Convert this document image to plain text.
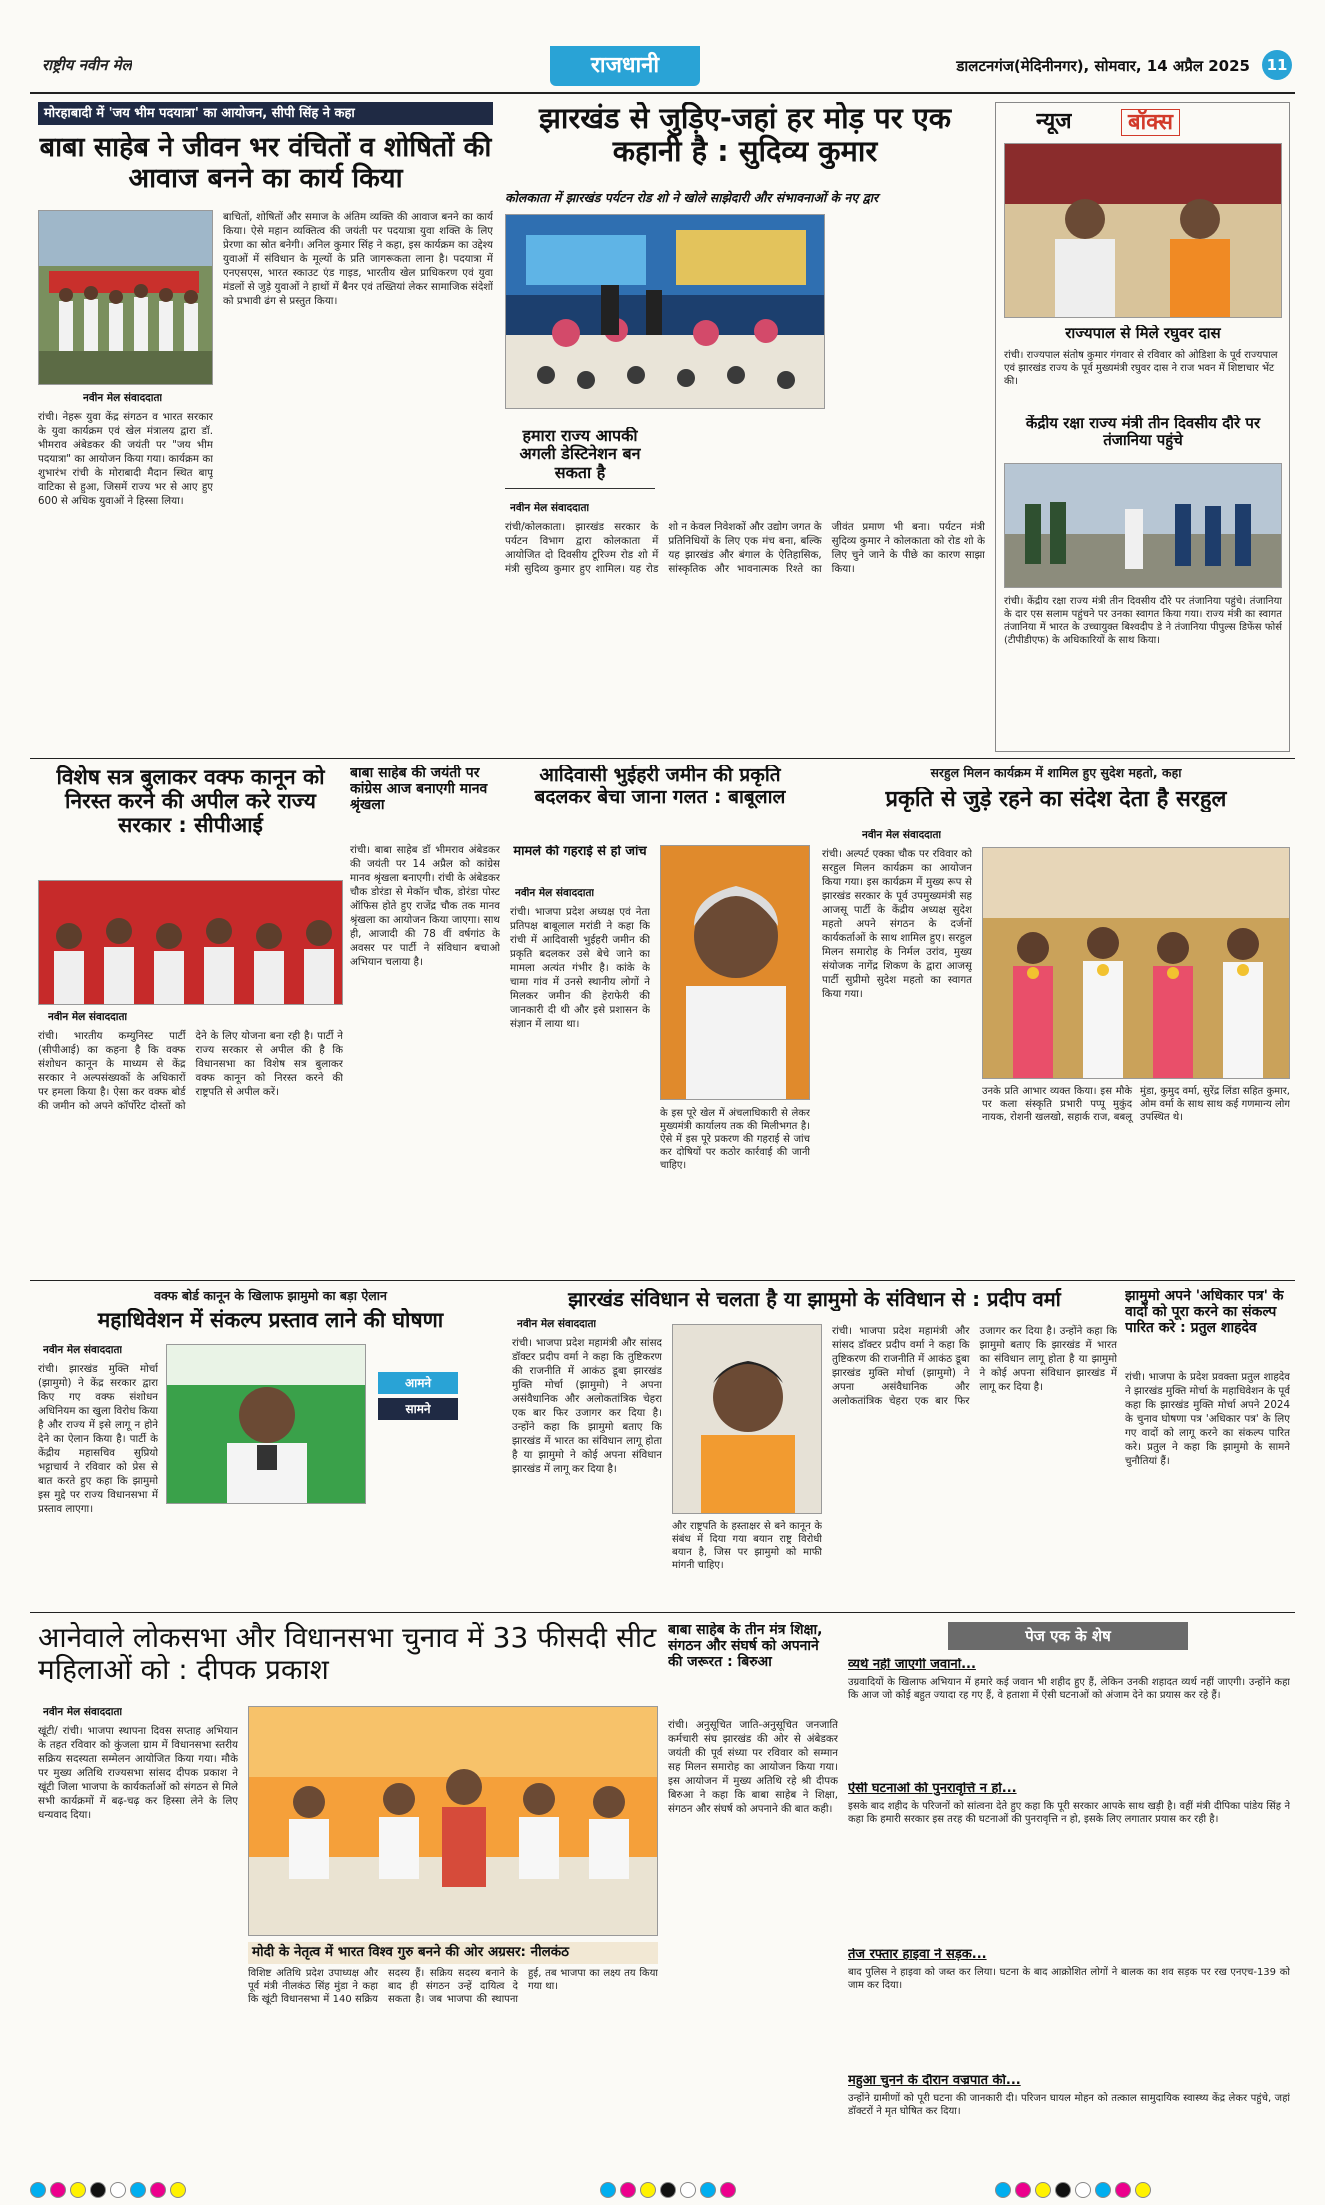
राष्ट्रीय नवीन मेल	राजधानी	डालटनगंज(मेदिनीनगर), सोमवार, 14 अप्रैल 2025	11
मोरहाबादी में 'जय भीम पदयात्रा' का आयोजन, सीपी सिंह ने कहा
बाबा साहेब ने जीवन भर वंचितों व शोषितों की आवाज बनने का कार्य किया
नवीन मेल संवाददाता
रांची। नेहरू युवा केंद्र संगठन व भारत सरकार के युवा कार्यक्रम एवं खेल मंत्रालय द्वारा डॉ. भीमराव अंबेडकर की जयंती पर "जय भीम पदयात्रा" का आयोजन किया गया। कार्यक्रम का शुभारंभ रांची के मोराबादी मैदान स्थित बापू वाटिका से हुआ, जिसमें राज्य भर से आए हुए 600 से अधिक युवाओं ने हिस्सा लिया।
बाचितों, शोषितों और समाज के अंतिम व्यक्ति की आवाज बनने का कार्य किया। ऐसे महान व्यक्तित्व की जयंती पर पदयात्रा युवा शक्ति के लिए प्रेरणा का स्रोत बनेगी। अनिल कुमार सिंह ने कहा, इस कार्यक्रम का उद्देश्य युवाओं में संविधान के मूल्यों के प्रति जागरूकता लाना है। पदयात्रा में एनएसएस, भारत स्काउट एंड गाइड, भारतीय खेल प्राधिकरण एवं युवा मंडलों से जुड़े युवाओं ने हाथों में बैनर एवं तख्तियां लेकर सामाजिक संदेशों को प्रभावी ढंग से प्रस्तुत किया।
झारखंड से जुड़िए-जहां हर मोड़ पर एक कहानी है : सुदिव्य कुमार
कोलकाता में झारखंड पर्यटन रोड शो ने खोले साझेदारी और संभावनाओं के नए द्वार
हमारा राज्य आपकी अगली डेस्टिनेशन बन सकता है
नवीन मेल संवाददाता
रांची/कोलकाता। झारखंड सरकार के पर्यटन विभाग द्वारा कोलकाता में आयोजित दो दिवसीय टूरिज्म रोड शो में मंत्री सुदिव्य कुमार हुए शामिल। यह रोड शो न केवल निवेशकों और उद्योग जगत के प्रतिनिधियों के लिए एक मंच बना, बल्कि यह झारखंड और बंगाल के ऐतिहासिक, सांस्कृतिक और भावनात्मक रिश्ते का जीवंत प्रमाण भी बना। पर्यटन मंत्री सुदिव्य कुमार ने कोलकाता को रोड शो के लिए चुने जाने के पीछे का कारण साझा किया।
न्यूज	बॉक्स
राज्यपाल से मिले रघुवर दास
रांची। राज्यपाल संतोष कुमार गंगवार से रविवार को ओडिशा के पूर्व राज्यपाल एवं झारखंड राज्य के पूर्व मुख्यमंत्री रघुवर दास ने राज भवन में शिष्टाचार भेंट की।
केंद्रीय रक्षा राज्य मंत्री तीन दिवसीय दौरे पर तंजानिया पहुंचे
रांची। केंद्रीय रक्षा राज्य मंत्री तीन दिवसीय दौरे पर तंजानिया पहुंचे। तंजानिया के दार एस सलाम पहुंचने पर उनका स्वागत किया गया। राज्य मंत्री का स्वागत तंजानिया में भारत के उच्चायुक्त बिश्वदीप डे ने तंजानिया पीपुल्स डिफेंस फोर्स (टीपीडीएफ) के अधिकारियों के साथ किया।
विशेष सत्र बुलाकर वक्फ कानून को निरस्त करने की अपील करे राज्य सरकार : सीपीआई
नवीन मेल संवाददाता
रांची। भारतीय कम्युनिस्ट पार्टी (सीपीआई) का कहना है कि वक्फ संशोधन कानून के माध्यम से केंद्र सरकार ने अल्पसंख्यकों के अधिकारों पर हमला किया है। ऐसा कर वक्फ बोर्ड की जमीन को अपने कॉर्पोरेट दोस्तों को देने के लिए योजना बना रही है। पार्टी ने राज्य सरकार से अपील की है कि विधानसभा का विशेष सत्र बुलाकर वक्फ कानून को निरस्त करने की राष्ट्रपति से अपील करें।
बाबा साहेब की जयंती पर कांग्रेस आज बनाएगी मानव श्रृंखला
रांची। बाबा साहेब डॉ भीमराव अंबेडकर की जयंती पर 14 अप्रैल को कांग्रेस मानव श्रृंखला बनाएगी। रांची के अंबेडकर चौक डोरंडा से मेकॉन चौक, डोरंडा पोस्ट ऑफिस होते हुए राजेंद्र चौक तक मानव श्रृंखला का आयोजन किया जाएगा। साथ ही, आजादी की 78 वीं वर्षगांठ के अवसर पर पार्टी ने संविधान बचाओ अभियान चलाया है।
आदिवासी भुईहरी जमीन की प्रकृति बदलकर बेचा जाना गलत : बाबूलाल
मामले की गहराई से हो जांच
नवीन मेल संवाददाता
रांची। भाजपा प्रदेश अध्यक्ष एवं नेता प्रतिपक्ष बाबूलाल मरांडी ने कहा कि रांची में आदिवासी भुईहरी जमीन की प्रकृति बदलकर उसे बेचे जाने का मामला अत्यंत गंभीर है। कांके के चामा गांव में उनसे स्थानीय लोगों ने मिलकर जमीन की हेराफेरी की जानकारी दी थी और इसे प्रशासन के संज्ञान में लाया था।
के इस पूरे खेल में अंचलाधिकारी से लेकर मुख्यमंत्री कार्यालय तक की मिलीभगत है। ऐसे में इस पूरे प्रकरण की गहराई से जांच कर दोषियों पर कठोर कार्रवाई की जानी चाहिए।
सरहुल मिलन कार्यक्रम में शामिल हुए सुदेश महतो, कहा
प्रकृति से जुड़े रहने का संदेश देता है सरहुल
नवीन मेल संवाददाता
रांची। अल्पर्ट एक्का चौक पर रविवार को सरहुल मिलन कार्यक्रम का आयोजन किया गया। इस कार्यक्रम में मुख्य रूप से झारखंड सरकार के पूर्व उपमुख्यमंत्री सह आजसू पार्टी के केंद्रीय अध्यक्ष सुदेश महतो अपने संगठन के दर्जनों कार्यकर्ताओं के साथ शामिल हुए। सरहुल मिलन समारोह के निर्मल उरांव, मुख्य संयोजक नागेंद्र शिकण के द्वारा आजसू पार्टी सुप्रीमो सुदेश महतो का स्वागत किया गया।
उनके प्रति आभार व्यक्त किया। इस मौके पर कला संस्कृति प्रभारी पप्पू मुकुंद नायक, रोशनी खलखो, सहार्क राज, बबलू मुंडा, कुमुद वर्मा, सुरेंद्र लिंडा सहित कुमार, ओम वर्मा के साथ साथ कई गणमान्य लोग उपस्थित थे।
वक्फ बोर्ड कानून के खिलाफ झामुमो का बड़ा ऐलान
महाधिवेशन में संकल्प प्रस्ताव लाने की घोषणा
नवीन मेल संवाददाता
रांची। झारखंड मुक्ति मोर्चा (झामुमो) ने केंद्र सरकार द्वारा किए गए वक्फ संशोधन अधिनियम का खुला विरोध किया है और राज्य में इसे लागू न होने देने का ऐलान किया है। पार्टी के केंद्रीय महासचिव सुप्रियो भट्टाचार्य ने रविवार को प्रेस से बात करते हुए कहा कि झामुमो इस मुद्दे पर राज्य विधानसभा में प्रस्ताव लाएगा।
आमने
सामने
झारखंड संविधान से चलता है या झामुमो के संविधान से : प्रदीप वर्मा
नवीन मेल संवाददाता
रांची। भाजपा प्रदेश महामंत्री और सांसद डॉक्टर प्रदीप वर्मा ने कहा कि तुष्टिकरण की राजनीति में आकंठ डूबा झारखंड मुक्ति मोर्चा (झामुमो) ने अपना असंवैधानिक और अलोकतांत्रिक चेहरा एक बार फिर उजागर कर दिया है। उन्होंने कहा कि झामुमो बताए कि झारखंड में भारत का संविधान लागू होता है या झामुमो ने कोई अपना संविधान झारखंड में लागू कर दिया है।
और राष्ट्रपति के हस्ताक्षर से बने कानून के संबंध में दिया गया बयान राष्ट्र विरोधी बयान है, जिस पर झामुमो को माफी मांगनी चाहिए।
रांची। भाजपा प्रदेश महामंत्री और सांसद डॉक्टर प्रदीप वर्मा ने कहा कि तुष्टिकरण की राजनीति में आकंठ डूबा झारखंड मुक्ति मोर्चा (झामुमो) ने अपना असंवैधानिक और अलोकतांत्रिक चेहरा एक बार फिर उजागर कर दिया है। उन्होंने कहा कि झामुमो बताए कि झारखंड में भारत का संविधान लागू होता है या झामुमो ने कोई अपना संविधान झारखंड में लागू कर दिया है।
झामुमो अपने 'अधिकार पत्र' के वादों को पूरा करने का संकल्प पारित करे : प्रतुल शाहदेव
रांची। भाजपा के प्रदेश प्रवक्ता प्रतुल शाहदेव ने झारखंड मुक्ति मोर्चा के महाधिवेशन के पूर्व कहा कि झारखंड मुक्ति मोर्चा अपने 2024 के चुनाव घोषणा पत्र 'अधिकार पत्र' के लिए गए वादों को लागू करने का संकल्प पारित करे। प्रतुल ने कहा कि झामुमो के सामने चुनौतियां हैं।
आनेवाले लोकसभा और विधानसभा चुनाव में 33 फीसदी सीट महिलाओं को : दीपक प्रकाश
नवीन मेल संवाददाता
खूंटी/ रांची। भाजपा स्थापना दिवस सप्ताह अभियान के तहत रविवार को कुंजला ग्राम में विधानसभा स्तरीय सक्रिय सदस्यता सम्मेलन आयोजित किया गया। मौके पर मुख्य अतिथि राज्यसभा सांसद दीपक प्रकाश ने खूंटी जिला भाजपा के कार्यकर्ताओं को संगठन से मिले सभी कार्यक्रमों में बढ़-चढ़ कर हिस्सा लेने के लिए धन्यवाद दिया।
मोदी के नेतृत्व में भारत विश्व गुरु बनने की ओर अग्रसर: नीलकंठ
विशिष्ट अतिथि प्रदेश उपाध्यक्ष और पूर्व मंत्री नीलकंठ सिंह मुंडा ने कहा कि खूंटी विधानसभा में 140 सक्रिय सदस्य हैं। सक्रिय सदस्य बनाने के बाद ही संगठन उन्हें दायित्व दे सकता है। जब भाजपा की स्थापना हुई, तब भाजपा का लक्ष्य तय किया गया था।
बाबा साहेब के तीन मंत्र शिक्षा, संगठन और संघर्ष को अपनाने की जरूरत : बिरुआ
रांची। अनुसूचित जाति-अनुसूचित जनजाति कर्मचारी संघ झारखंड की ओर से अंबेडकर जयंती की पूर्व संध्या पर रविवार को सम्मान सह मिलन समारोह का आयोजन किया गया। इस आयोजन में मुख्य अतिथि रहे श्री दीपक बिरुआ ने कहा कि बाबा साहेब ने शिक्षा, संगठन और संघर्ष को अपनाने की बात कही।
पेज एक के शेष
व्यर्थ नहीं जाएगी जवानों...
उग्रवादियों के खिलाफ अभियान में हमारे कई जवान भी शहीद हुए हैं, लेकिन उनकी शहादत व्यर्थ नहीं जाएगी। उन्होंने कहा कि आज जो कोई बहुत ज्यादा रह गए हैं, वे हताशा में ऐसी घटनाओं को अंजाम देने का प्रयास कर रहे हैं।
ऐसी घटनाओं की पुनरावृत्ति न हो...
इसके बाद शहीद के परिजनों को सांत्वना देते हुए कहा कि पूरी सरकार आपके साथ खड़ी है। वहीं मंत्री दीपिका पांडेय सिंह ने कहा कि हमारी सरकार इस तरह की घटनाओं की पुनरावृत्ति न हो, इसके लिए लगातार प्रयास कर रही है।
तेज रफ्तार हाइवा ने सड़क...
बाद पुलिस ने हाइवा को जब्त कर लिया। घटना के बाद आक्रोशित लोगों ने बालक का शव सड़क पर रख एनएच-139 को जाम कर दिया।
महुआ चुनने के दौरान वज्रपात की...
उन्होंने ग्रामीणों को पूरी घटना की जानकारी दी। परिजन घायल मोहन को तत्काल सामुदायिक स्वास्थ्य केंद्र लेकर पहुंचे, जहां डॉक्टरों ने मृत घोषित कर दिया।
